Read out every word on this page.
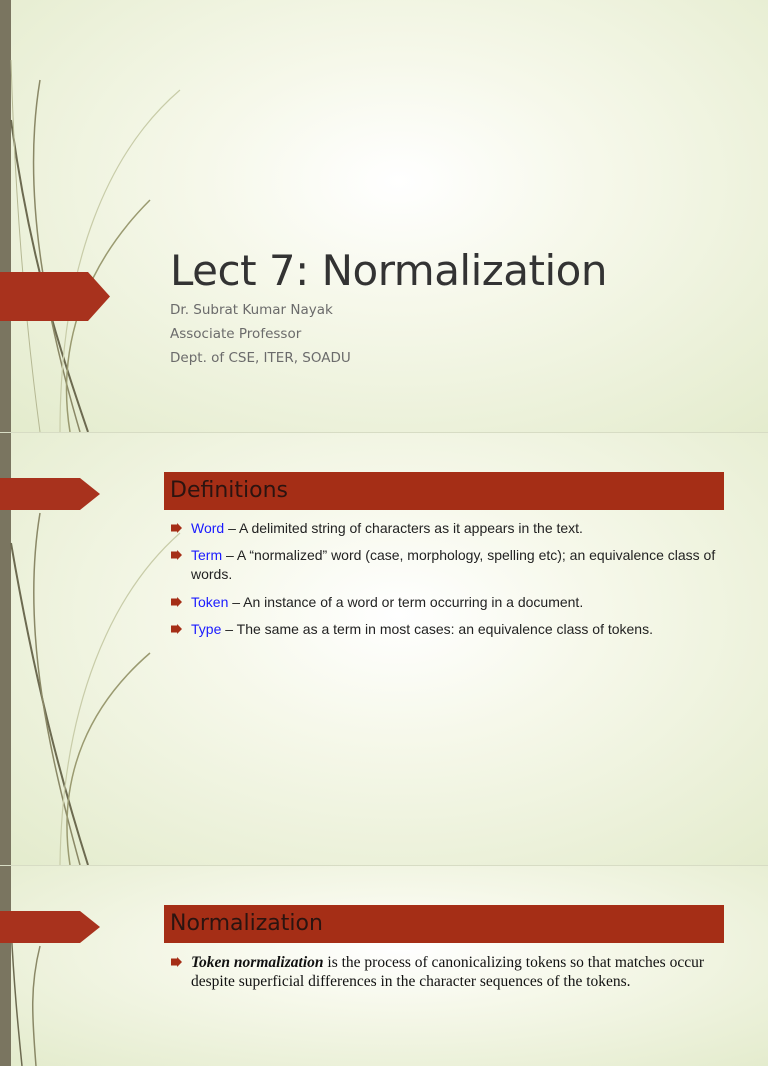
Lect 7: Normalization

Dr. Subrat Kumar Nayak

Associate Professor

Dept. of CSE, ITER, SOADU

Definitions
Word – A delimited string of characters as it appears in the text.
Term – A “normalized” word (case, morphology, spelling etc); an equivalence class of words.
Token – An instance of a word or term occurring in a document.
Type – The same as a term in most cases: an equivalence class of tokens.
Normalization
Token normalization is the process of canonicalizing tokens so that matches occur despite superficial differences in the character sequences of the tokens.
